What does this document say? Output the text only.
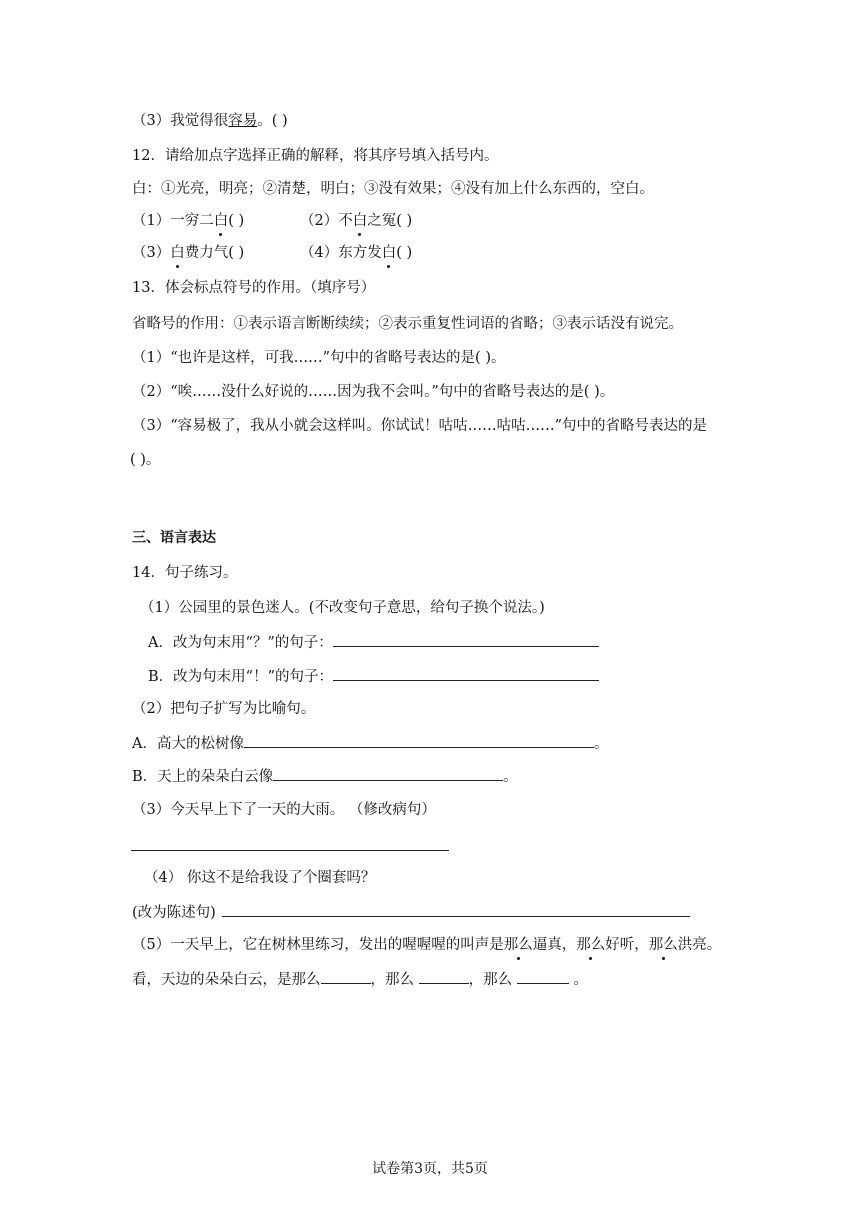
（3）我觉得很容易。( )
12．请给加点字选择正确的解释，将其序号填入括号内。
白：①光亮，明亮；②清楚，明白；③没有效果；④没有加上什么东西的，空白。
（1）一穷二白( )	（2）不白之冤( )
（3）白费力气( )	（4）东方发白( )
13．体会标点符号的作用。（填序号）
省略号的作用：①表示语言断断续续；②表示重复性词语的省略；③表示话没有说完。
（1）“也许是这样，可我……”句中的省略号表达的是( )。
（2）“唉……没什么好说的……因为我不会叫。”句中的省略号表达的是( )。
（3）“容易极了，我从小就会这样叫。你试试！咕咕……咕咕……”句中的省略号表达的是
( )。
三、语言表达
14．句子练习。
（1）公园里的景色迷人。(不改变句子意思，给句子换个说法。)
A．改为句末用“？”的句子：
B．改为句末用“！”的句子：
（2）把句子扩写为比喻句。
A．高大的松树像	。
B．天上的朵朵白云像	。
（3）今天早上下了一天的大雨。 （修改病句）
（4） 你这不是给我设了个圈套吗？
(改为陈述句)
（5）一天早上，它在树林里练习，发出的喔喔喔的叫声是那么逼真，那么好听，那么洪亮。
看，天边的朵朵白云，是那么	，那么	，那么	。
试卷第3页，共5页
